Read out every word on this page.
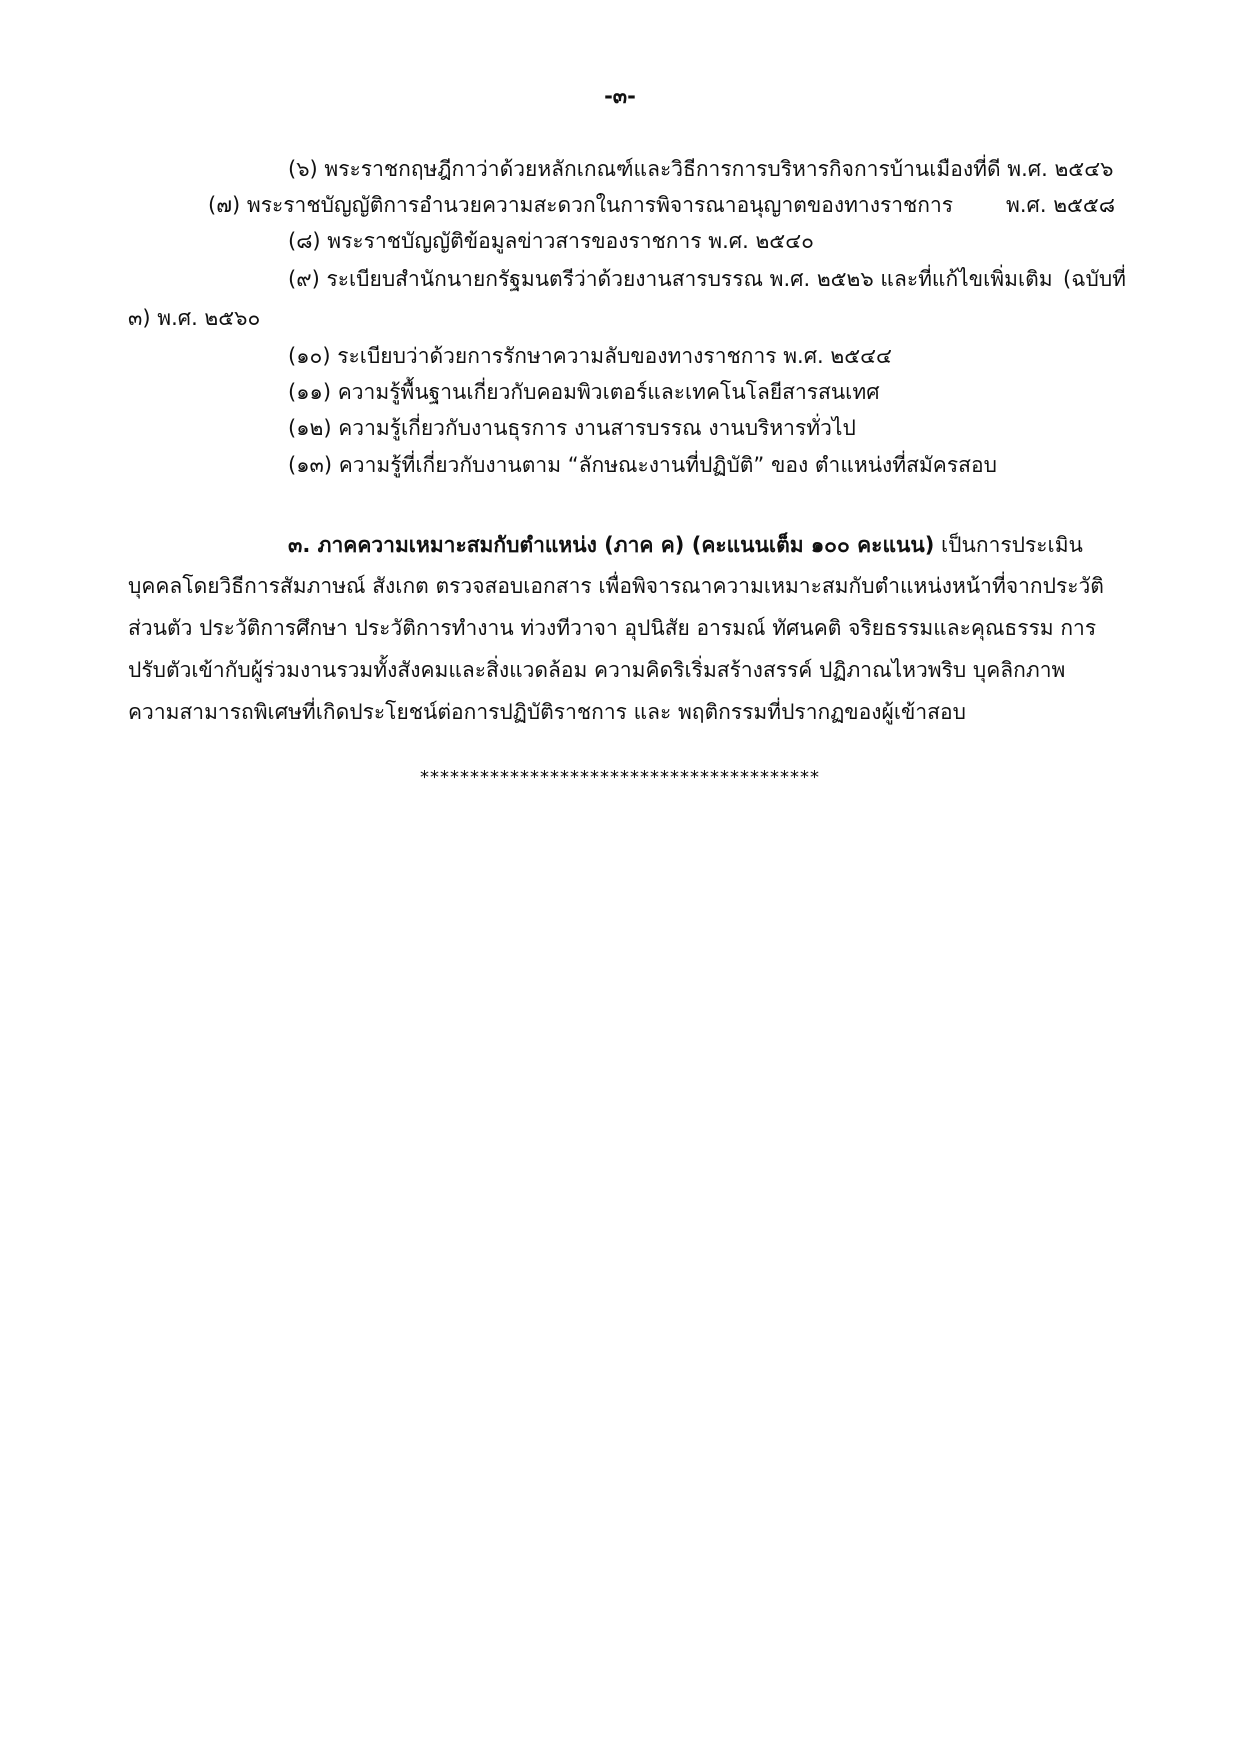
-๓-
(๖) พระราชกฤษฎีกาว่าด้วยหลักเกณฑ์และวิธีการการบริหารกิจการบ้านเมืองที่ดี พ.ศ. ๒๕๔๖
(๗) พระราชบัญญัติการอำนวยความสะดวกในการพิจารณาอนุญาตของทางราชการ	พ.ศ. ๒๕๕๘
(๘) พระราชบัญญัติข้อมูลข่าวสารของราชการ พ.ศ. ๒๕๔๐
(๙) ระเบียบสำนักนายกรัฐมนตรีว่าด้วยงานสารบรรณ พ.ศ. ๒๕๒๖ และที่แก้ไขเพิ่มเติม (ฉบับที่
๓) พ.ศ. ๒๕๖๐
(๑๐) ระเบียบว่าด้วยการรักษาความลับของทางราชการ พ.ศ. ๒๕๔๔
(๑๑) ความรู้พื้นฐานเกี่ยวกับคอมพิวเตอร์และเทคโนโลยีสารสนเทศ
(๑๒) ความรู้เกี่ยวกับงานธุรการ งานสารบรรณ งานบริหารทั่วไป
(๑๓) ความรู้ที่เกี่ยวกับงานตาม “ลักษณะงานที่ปฏิบัติ” ของ ตำแหน่งที่สมัครสอบ
๓. ภาคความเหมาะสมกับตำแหน่ง (ภาค ค) (คะแนนเต็ม ๑๐๐ คะแนน) เป็นการประเมิน
บุคคลโดยวิธีการสัมภาษณ์ สังเกต ตรวจสอบเอกสาร เพื่อพิจารณาความเหมาะสมกับตำแหน่งหน้าที่จากประวัติ
ส่วนตัว ประวัติการศึกษา ประวัติการทำงาน ท่วงทีวาจา อุปนิสัย อารมณ์ ทัศนคติ จริยธรรมและคุณธรรม การ
ปรับตัวเข้ากับผู้ร่วมงานรวมทั้งสังคมและสิ่งแวดล้อม ความคิดริเริ่มสร้างสรรค์ ปฏิภาณไหวพริบ บุคลิกภาพ
ความสามารถพิเศษที่เกิดประโยชน์ต่อการปฏิบัติราชการ และ พฤติกรรมที่ปรากฏของผู้เข้าสอบ
****************************************
